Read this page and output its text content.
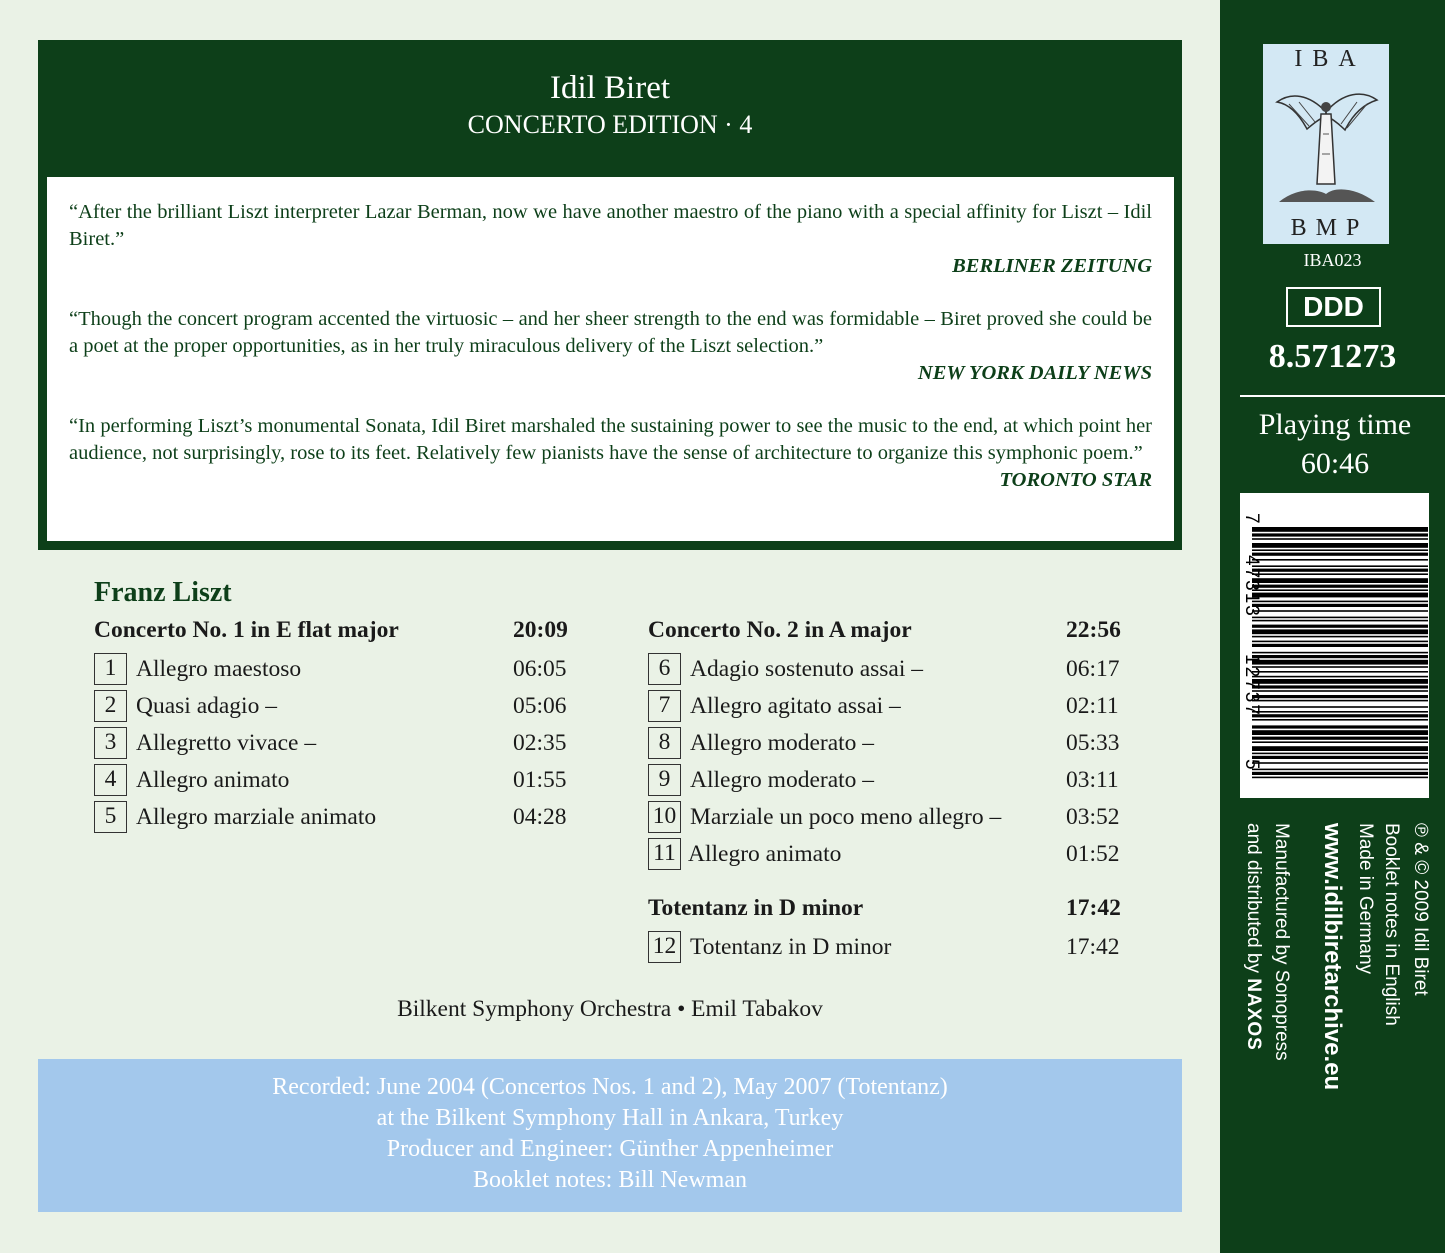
Idil Biret
CONCERTO EDITION · 4
“After the brilliant Liszt interpreter Lazar Berman, now we have another maestro of the piano with a special affinity for Liszt – Idil Biret.”
BERLINER ZEITUNG
“Though the concert program accented the virtuosic – and her sheer strength to the end was formidable – Biret proved she could be a poet at the proper opportunities, as in her truly miraculous delivery of the Liszt selection.”
NEW YORK DAILY NEWS
“In performing Liszt’s monumental Sonata, Idil Biret marshaled the sustaining power to see the music to the end, at which point her audience, not surprisingly, rose to its feet. Relatively few pianists have the sense of architecture to organize this symphonic poem.”
TORONTO STAR
Franz Liszt
Concerto No. 1 in E flat major	20:09
1 Allegro maestoso	06:05
2 Quasi adagio –	05:06
3 Allegretto vivace –	02:35
4 Allegro animato	01:55
5 Allegro marziale animato	04:28
Concerto No. 2 in A major	22:56
6 Adagio sostenuto assai –	06:17
7 Allegro agitato assai –	02:11
8 Allegro moderato –	05:33
9 Allegro moderato –	03:11
10 Marziale un poco meno allegro –	03:52
11 Allegro animato	01:52
Totentanz in D minor	17:42
12 Totentanz in D minor	17:42
Bilkent Symphony Orchestra • Emil Tabakov
Recorded: June 2004 (Concertos Nos. 1 and 2), May 2007 (Totentanz)
at the Bilkent Symphony Hall in Ankara, Turkey
Producer and Engineer: Günther Appenheimer
Booklet notes: Bill Newman
IBA
BMP
IBA023
DDD
8.571273
Playing time
60:46
7
47313
12737
5
℗ & © 2009 Idil Biret
Booklet notes in English
Made in Germany
www.idilbiretarchive.eu
Manufactured by Sonopress
and distributed by NAXOS
